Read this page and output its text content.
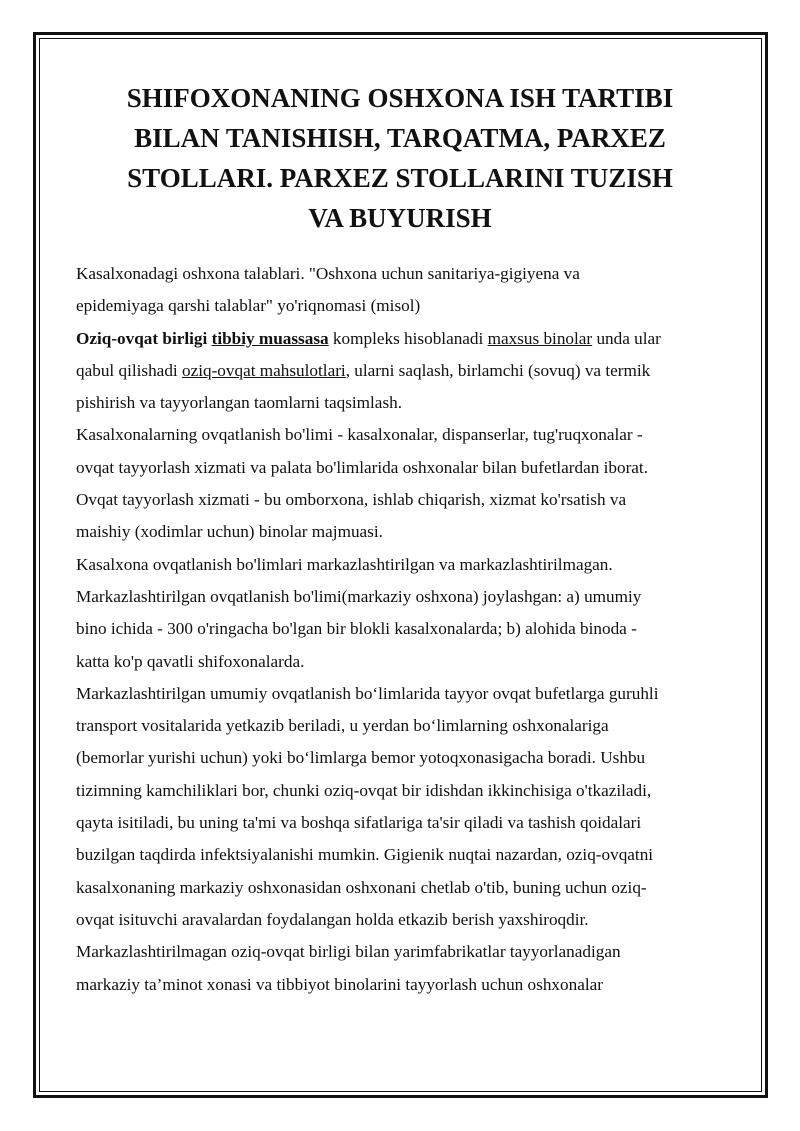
SHIFOXONANING OSHXONA ISH TARTIBI
BILAN TANISHISH, TARQATMA, PARXEZ
STOLLARI. PARXEZ STOLLARINI TUZISH
VA BUYURISH
Kasalxonadagi oshxona talablari. "Oshxona uchun sanitariya-gigiyena va
epidemiyaga qarshi talablar" yo'riqnomasi (misol)
Oziq-ovqat birligi tibbiy muassasa kompleks hisoblanadi maxsus binolar unda ular
qabul qilishadi oziq-ovqat mahsulotlari, ularni saqlash, birlamchi (sovuq) va termik
pishirish va tayyorlangan taomlarni taqsimlash.
Kasalxonalarning ovqatlanish bo'limi - kasalxonalar, dispanserlar, tug'ruqxonalar -
ovqat tayyorlash xizmati va palata bo'limlarida oshxonalar bilan bufetlardan iborat.
Ovqat tayyorlash xizmati - bu omborxona, ishlab chiqarish, xizmat ko'rsatish va
maishiy (xodimlar uchun) binolar majmuasi.
Kasalxona ovqatlanish bo'limlari markazlashtirilgan va markazlashtirilmagan.
Markazlashtirilgan ovqatlanish bo'limi(markaziy oshxona) joylashgan: a) umumiy
bino ichida - 300 o'ringacha bo'lgan bir blokli kasalxonalarda; b) alohida binoda -
katta ko'p qavatli shifoxonalarda.
Markazlashtirilgan umumiy ovqatlanish bo‘limlarida tayyor ovqat bufetlarga guruhli
transport vositalarida yetkazib beriladi, u yerdan bo‘limlarning oshxonalariga
(bemorlar yurishi uchun) yoki bo‘limlarga bemor yotoqxonasigacha boradi. Ushbu
tizimning kamchiliklari bor, chunki oziq-ovqat bir idishdan ikkinchisiga o'tkaziladi,
qayta isitiladi, bu uning ta'mi va boshqa sifatlariga ta'sir qiladi va tashish qoidalari
buzilgan taqdirda infektsiyalanishi mumkin. Gigienik nuqtai nazardan, oziq-ovqatni
kasalxonaning markaziy oshxonasidan oshxonani chetlab o'tib, buning uchun oziq-
ovqat isituvchi aravalardan foydalangan holda etkazib berish yaxshiroqdir.
Markazlashtirilmagan oziq-ovqat birligi bilan yarimfabrikatlar tayyorlanadigan
markaziy ta’minot xonasi va tibbiyot binolarini tayyorlash uchun oshxonalar
